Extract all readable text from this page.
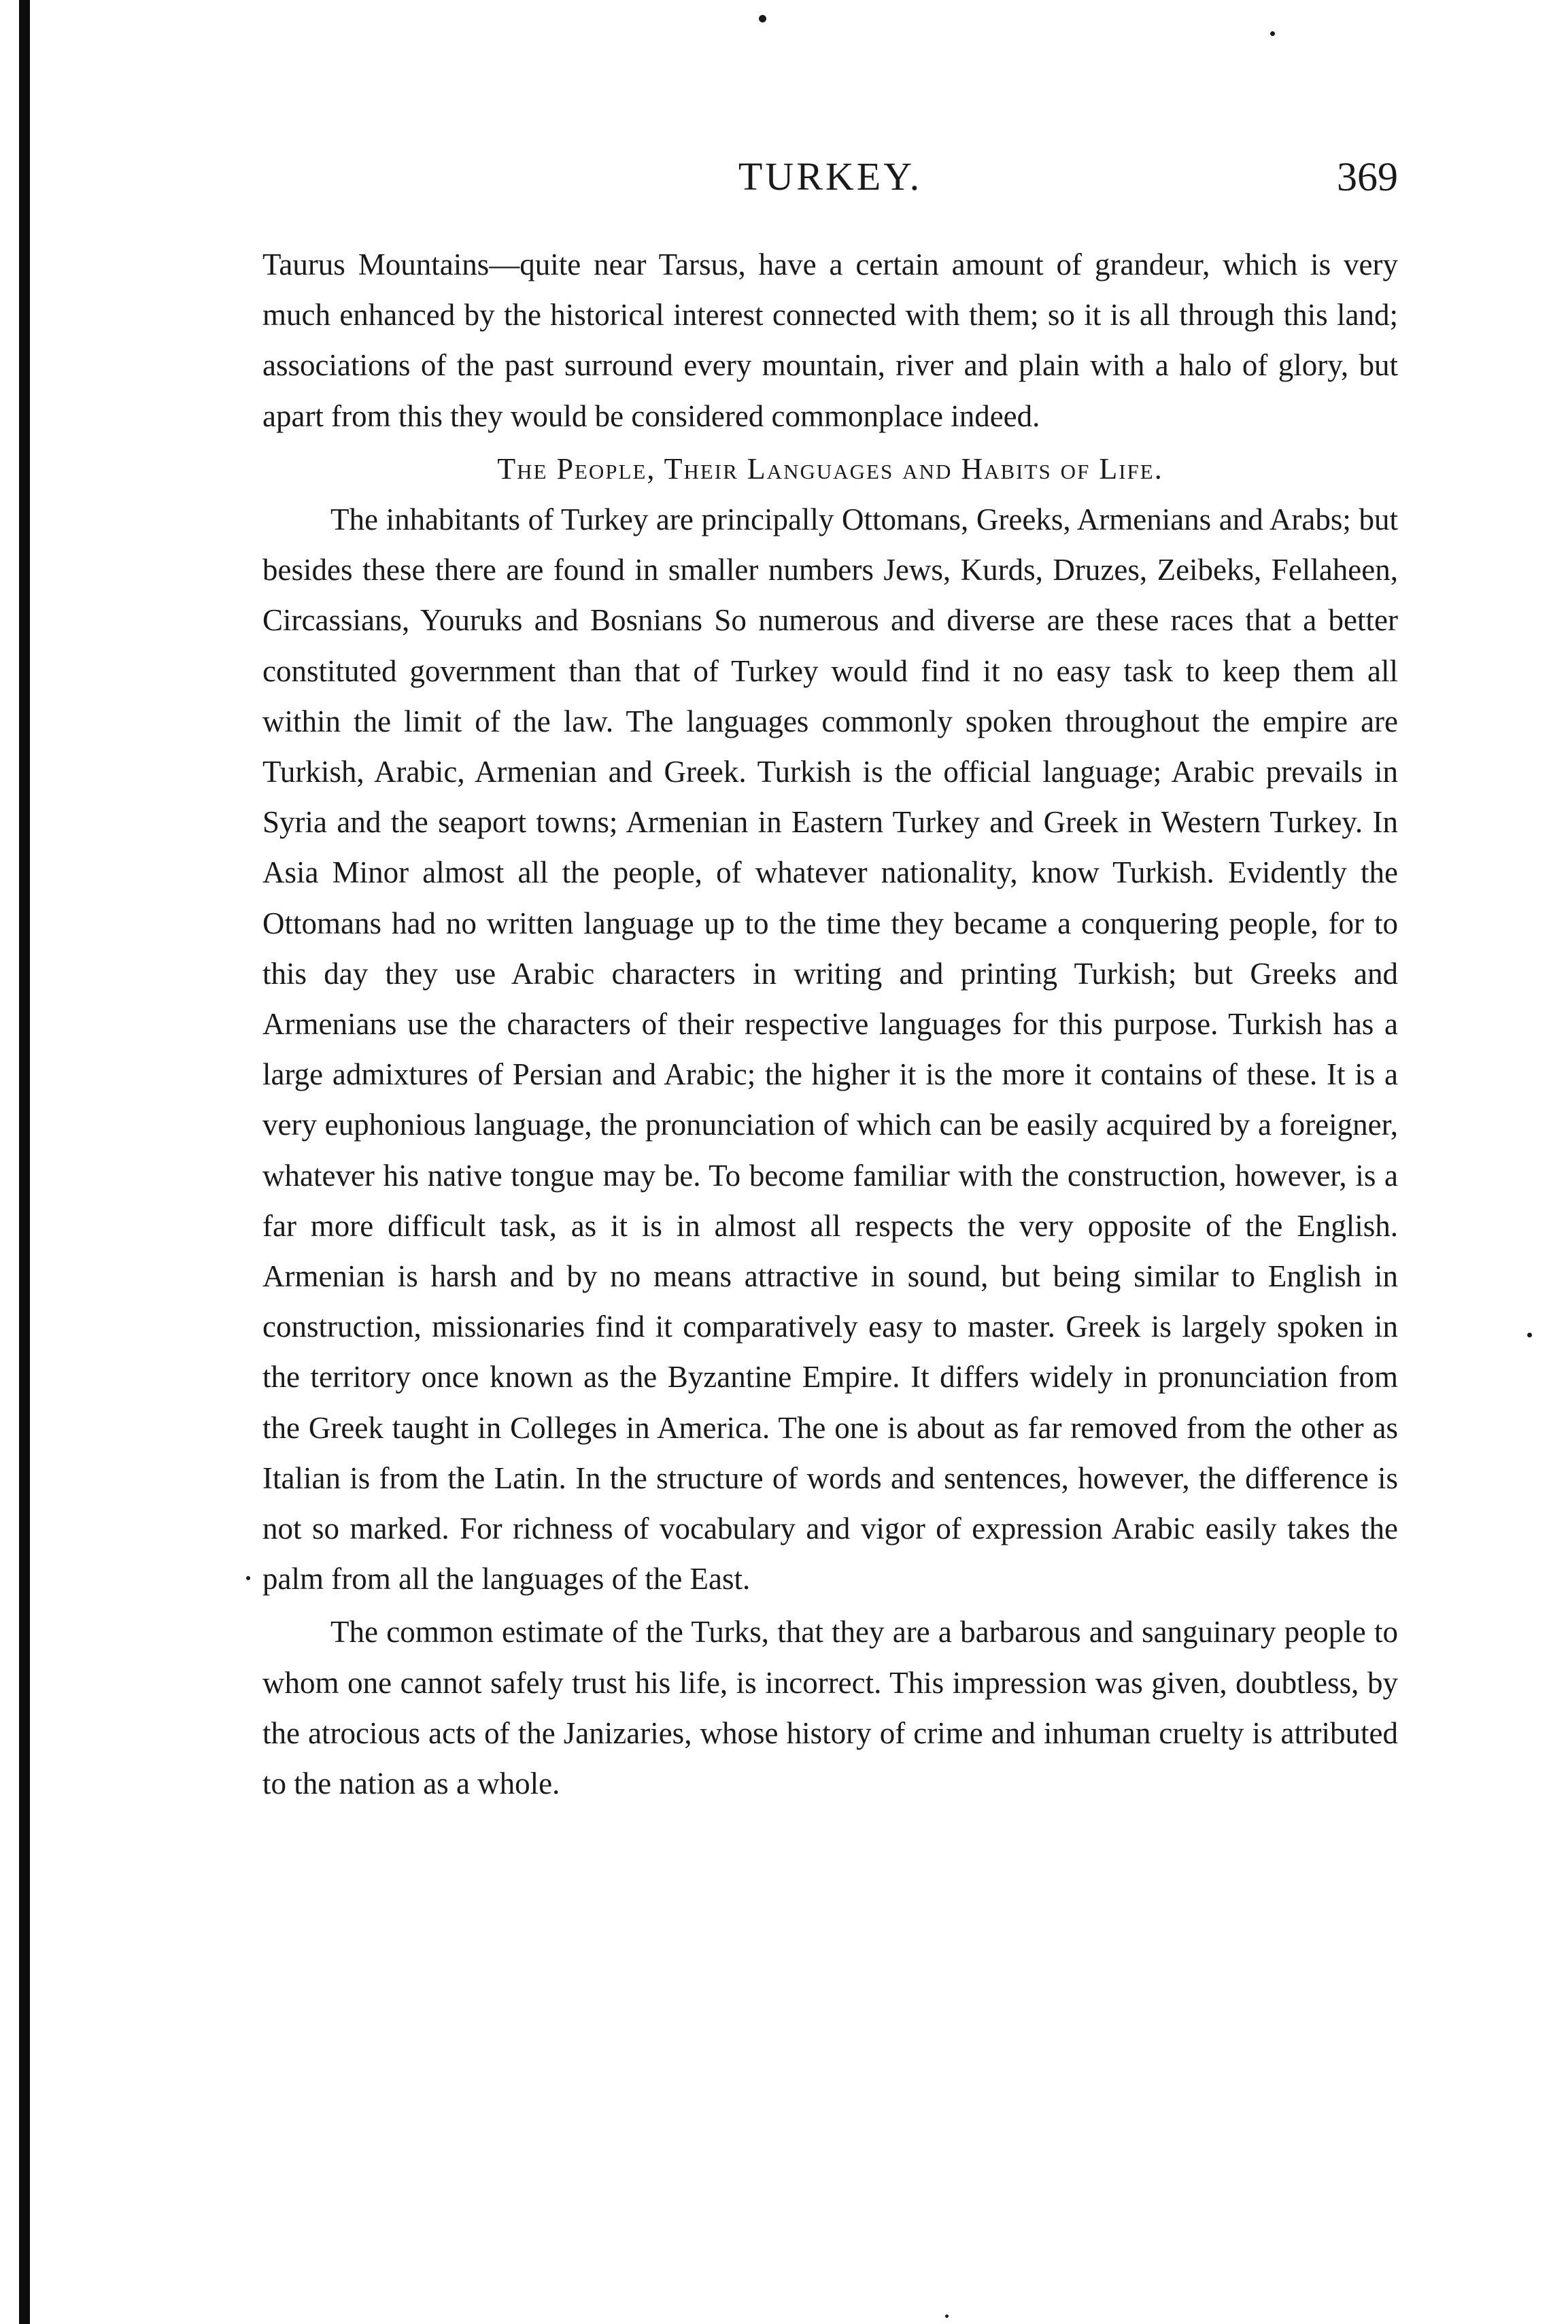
TURKEY.	369

Taurus Mountains—quite near Tarsus, have a certain amount of grandeur, which is very much enhanced by the historical interest connected with them; so it is all through this land; associations of the past surround every mountain, river and plain with a halo of glory, but apart from this they would be considered commonplace indeed.

The People, Their Languages and Habits of Life.

The inhabitants of Turkey are principally Ottomans, Greeks, Armenians and Arabs; but besides these there are found in smaller numbers Jews, Kurds, Druzes, Zeibeks, Fellaheen, Circassians, Youruks and Bosnians So numerous and diverse are these races that a better constituted government than that of Turkey would find it no easy task to keep them all within the limit of the law. The languages commonly spoken throughout the empire are Turkish, Arabic, Armenian and Greek. Turkish is the official language; Arabic prevails in Syria and the seaport towns; Armenian in Eastern Turkey and Greek in Western Turkey. In Asia Minor almost all the people, of whatever nationality, know Turkish. Evidently the Ottomans had no written language up to the time they became a conquering people, for to this day they use Arabic characters in writing and printing Turkish; but Greeks and Armenians use the characters of their respective languages for this purpose. Turkish has a large admixtures of Persian and Arabic; the higher it is the more it contains of these. It is a very euphonious language, the pronunciation of which can be easily acquired by a foreigner, whatever his native tongue may be. To become familiar with the construction, however, is a far more difficult task, as it is in almost all respects the very opposite of the English. Armenian is harsh and by no means attractive in sound, but being similar to English in construction, missionaries find it comparatively easy to master. Greek is largely spoken in the territory once known as the Byzantine Empire. It differs widely in pronunciation from the Greek taught in Colleges in America. The one is about as far removed from the other as Italian is from the Latin. In the structure of words and sentences, however, the difference is not so marked. For richness of vocabulary and vigor of expression Arabic easily takes the palm from all the languages of the East.

The common estimate of the Turks, that they are a barbarous and sanguinary people to whom one cannot safely trust his life, is incorrect. This impression was given, doubtless, by the atrocious acts of the Janizaries, whose history of crime and inhuman cruelty is attributed to the nation as a whole.
